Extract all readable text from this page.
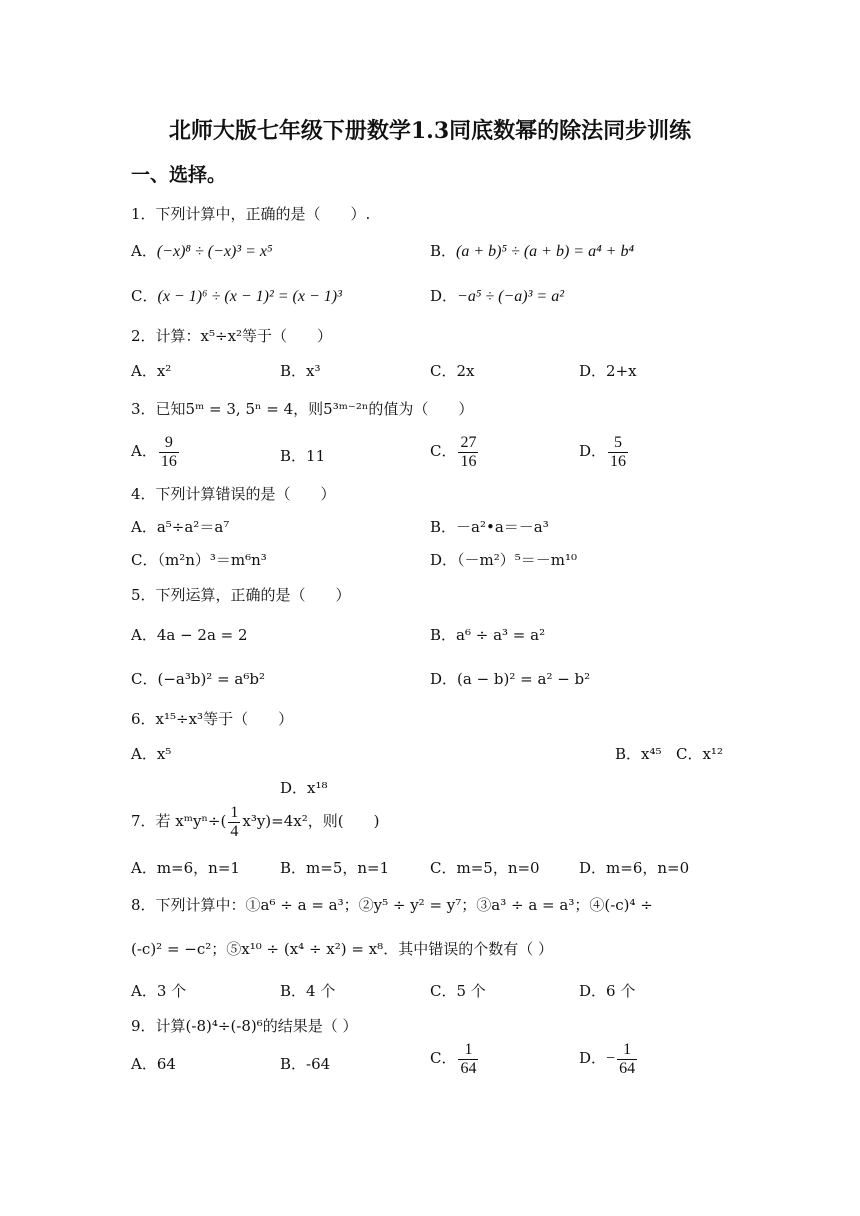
北师大版七年级下册数学1.3同底数幂的除法同步训练
一、选择。
1．下列计算中，正确的是（　　）.
A．(−x)⁸ ÷ (−x)³ = x⁵	B．(a + b)⁵ ÷ (a + b) = a⁴ + b⁴
C．(x − 1)⁶ ÷ (x − 1)² = (x − 1)³	D．−a⁵ ÷ (−a)³ = a²
2．计算：x⁵÷x²等于（　　）
A．x²	B．x³	C．2x	D．2+x
3．已知5ᵐ = 3, 5ⁿ = 4，则5³ᵐ⁻²ⁿ的值为（　　）
A． $\frac{9}{16}$	B．11	C． $\frac{27}{16}$	D． $\frac{5}{16}$
4．下列计算错误的是（　　）
A．a⁵÷a²＝a⁷	B．－a²•a＝－a³
C．（m²n）³＝m⁶n³	D．（－m²）⁵＝－m¹⁰
5．下列运算，正确的是（　　）
A．4a − 2a = 2	B．a⁶ ÷ a³ = a²
C．(−a³b)² = a⁶b²	D．(a − b)² = a² − b²
6．x¹⁵÷x³等于（　　）
A．x⁵	B．x⁴⁵ C．x¹²
D．x¹⁸
7．若 xᵐyⁿ÷( $\frac{1}{4} x^3y)=4x^2$，则(　　)
A．m=6，n=1	B．m=5，n=1	C．m=5，n=0	D．m=6，n=0
8．下列计算中：①a⁶ ÷ a = a³；②y⁵ ÷ y² = y⁷；③a³ ÷ a = a³；④(-c)⁴ ÷
(-c)² = −c²；⑤x¹⁰ ÷ (x⁴ ÷ x²) = x⁸．其中错误的个数有（ ）
A．3 个	B．4 个	C．5 个	D．6 个
9．计算(-8)⁴÷(-8)⁶的结果是（ ）
A．64	B．-64	C． $\frac{1}{64}$	D．− $\frac{1}{64}$
